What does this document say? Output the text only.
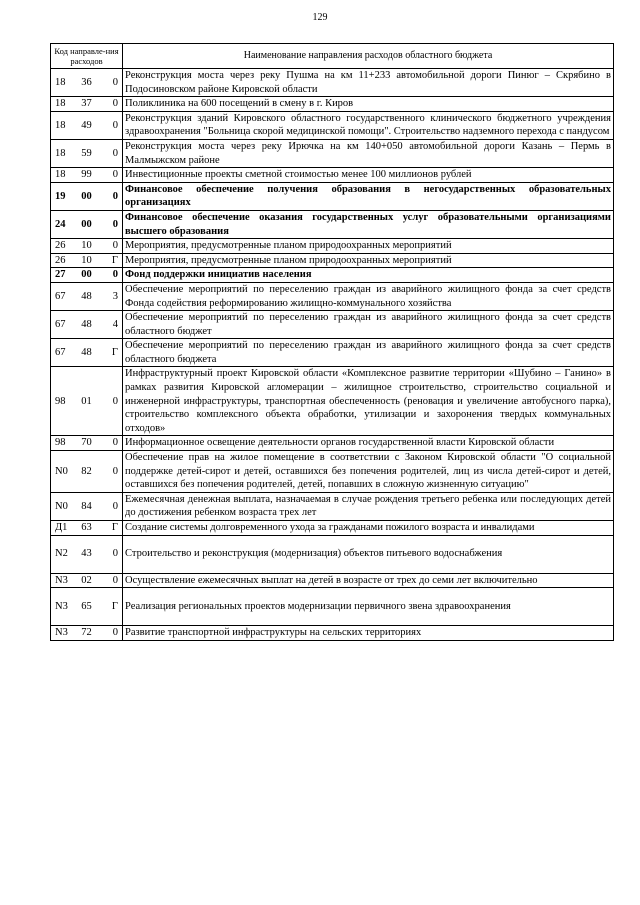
129
Код направле-ния расходов			Наименование направления расходов областного бюджета
18	36	0	Реконструкция моста через реку Пушма на км 11+233 автомобильной дороги Пинюг – Скрябино в Подосиновском районе Кировской области
18	37	0	Поликлиника на 600 посещений в смену в г. Киров
18	49	0	Реконструкция зданий Кировского областного государственного клинического бюджетного учреждения здравоохранения "Больница скорой медицинской помощи". Строительство надземного перехода с пандусом
18	59	0	Реконструкция моста через реку Ирючка на км 140+050 автомобильной дороги Казань – Пермь в Малмыжском районе
18	99	0	Инвестиционные проекты сметной стоимостью менее 100 миллионов рублей
19	00	0	Финансовое обеспечение получения образования в негосударственных образовательных организациях
24	00	0	Финансовое обеспечение оказания государственных услуг образовательными организациями высшего образования
26	10	0	Мероприятия, предусмотренные планом природоохранных мероприятий
26	10	Г	Мероприятия, предусмотренные планом природоохранных мероприятий
27	00	0	Фонд поддержки инициатив населения
67	48	3	Обеспечение мероприятий по переселению граждан из аварийного жилищного фонда за счет средств Фонда содействия реформированию жилищно-коммунального хозяйства
67	48	4	Обеспечение мероприятий по переселению граждан из аварийного жилищного фонда за счет средств областного бюджет
67	48	Г	Обеспечение мероприятий по переселению граждан из аварийного жилищного фонда за счет средств областного бюджета
98	01	0	Инфраструктурный проект Кировской области «Комплексное развитие территории «Шубино – Ганино» в рамках развития Кировской агломерации – жилищное строительство, строительство социальной и инженерной инфраструктуры, транспортная обеспеченность (реновация и увеличение автобусного парка), строительство комплексного объекта обработки, утилизации и захоронения твердых коммунальных отходов»
98	70	0	Информационное освещение деятельности органов государственной власти Кировской области
N0	82	0	Обеспечение прав на жилое помещение в соответствии с Законом Кировской области "О социальной поддержке детей-сирот и детей, оставшихся без попечения родителей, лиц из числа детей-сирот и детей, оставшихся без попечения родителей, детей, попавших в сложную жизненную ситуацию"
N0	84	0	Ежемесячная денежная выплата, назначаемая в случае рождения третьего ребенка или последующих детей до достижения ребенком возраста трех лет
Д1	63	Г	Создание системы долговременного ухода за гражданами пожилого возраста и инвалидами
N2	43	0	Строительство и реконструкция (модернизация) объектов питьевого водоснабжения
N3	02	0	Осуществление ежемесячных выплат на детей в возрасте от трех до семи лет включительно
N3	65	Г	Реализация региональных проектов модернизации первичного звена здравоохранения
N3	72	0	Развитие транспортной инфраструктуры на сельских территориях
